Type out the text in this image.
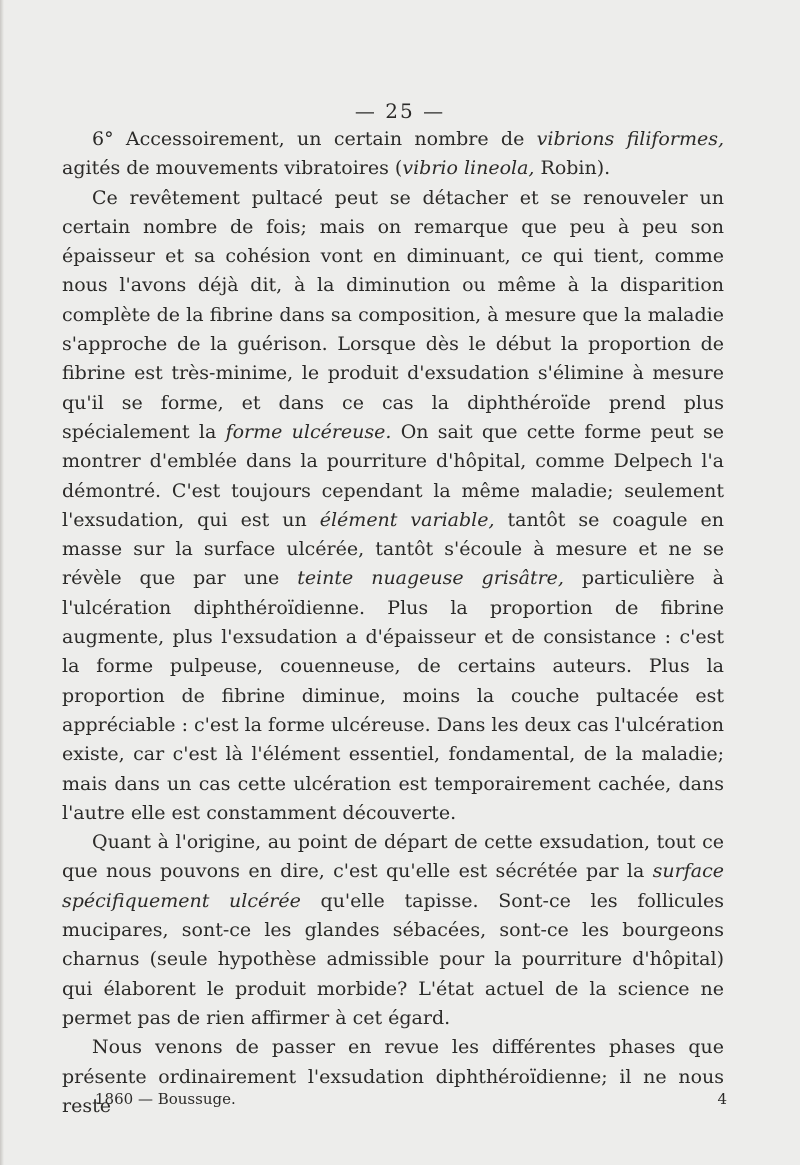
— 25 —

6° Accessoirement, un certain nombre de vibrions filiformes, agités de mouvements vibratoires (vibrio lineola, Robin).

Ce revêtement pultacé peut se détacher et se renouveler un certain nombre de fois; mais on remarque que peu à peu son épaisseur et sa cohésion vont en diminuant, ce qui tient, comme nous l'avons déjà dit, à la diminution ou même à la disparition complète de la fibrine dans sa composition, à mesure que la maladie s'approche de la guérison. Lorsque dès le début la proportion de fibrine est très-minime, le produit d'exsudation s'élimine à mesure qu'il se forme, et dans ce cas la diphthéroïde prend plus spécialement la forme ulcéreuse. On sait que cette forme peut se montrer d'emblée dans la pourriture d'hôpital, comme Delpech l'a démontré. C'est toujours cependant la même maladie; seulement l'exsudation, qui est un élément variable, tantôt se coagule en masse sur la surface ulcérée, tantôt s'écoule à mesure et ne se révèle que par une teinte nuageuse grisâtre, particulière à l'ulcération diphthéroïdienne. Plus la proportion de fibrine augmente, plus l'exsudation a d'épaisseur et de consistance : c'est la forme pulpeuse, couenneuse, de certains auteurs. Plus la proportion de fibrine diminue, moins la couche pultacée est appréciable : c'est la forme ulcéreuse. Dans les deux cas l'ulcération existe, car c'est là l'élément essentiel, fondamental, de la maladie; mais dans un cas cette ulcération est temporairement cachée, dans l'autre elle est constamment découverte.

Quant à l'origine, au point de départ de cette exsudation, tout ce que nous pouvons en dire, c'est qu'elle est sécrétée par la surface spécifiquement ulcérée qu'elle tapisse. Sont-ce les follicules mucipares, sont-ce les glandes sébacées, sont-ce les bourgeons charnus (seule hypothèse admissible pour la pourriture d'hôpital) qui élaborent le produit morbide? L'état actuel de la science ne permet pas de rien affirmer à cet égard.

Nous venons de passer en revue les différentes phases que présente ordinairement l'exsudation diphthéroïdienne; il ne nous reste

1860 — Boussuge.	4
